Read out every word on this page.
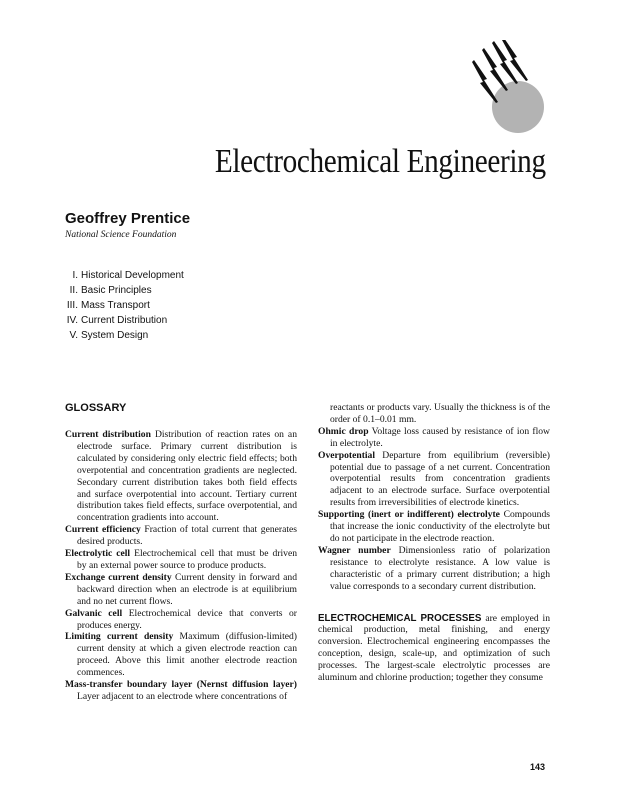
Electrochemical Engineering
Geoffrey Prentice
National Science Foundation
I. Historical Development
II. Basic Principles
III. Mass Transport
IV. Current Distribution
V. System Design
GLOSSARY
Current distribution Distribution of reaction rates on an electrode surface. Primary current distribution is calculated by considering only electric field effects; both overpotential and concentration gradients are neglected. Secondary current distribution takes both field effects and surface overpotential into account. Tertiary current distribution takes field effects, surface overpotential, and concentration gradients into account.
Current efficiency Fraction of total current that generates desired products.
Electrolytic cell Electrochemical cell that must be driven by an external power source to produce products.
Exchange current density Current density in forward and backward direction when an electrode is at equilibrium and no net current flows.
Galvanic cell Electrochemical device that converts or produces energy.
Limiting current density Maximum (diffusion-limited) current density at which a given electrode reaction can proceed. Above this limit another electrode reaction commences.
Mass-transfer boundary layer (Nernst diffusion layer) Layer adjacent to an electrode where concentrations of
reactants or products vary. Usually the thickness is of the order of 0.1–0.01 mm.
Ohmic drop Voltage loss caused by resistance of ion flow in electrolyte.
Overpotential Departure from equilibrium (reversible) potential due to passage of a net current. Concentration overpotential results from concentration gradients adjacent to an electrode surface. Surface overpotential results from irreversibilities of electrode kinetics.
Supporting (inert or indifferent) electrolyte Compounds that increase the ionic conductivity of the electrolyte but do not participate in the electrode reaction.
Wagner number Dimensionless ratio of polarization resistance to electrolyte resistance. A low value is characteristic of a primary current distribution; a high value corresponds to a secondary current distribution.
ELECTROCHEMICAL PROCESSES are employed in chemical production, metal finishing, and energy conversion. Electrochemical engineering encompasses the conception, design, scale-up, and optimization of such processes. The largest-scale electrolytic processes are aluminum and chlorine production; together they consume
143
